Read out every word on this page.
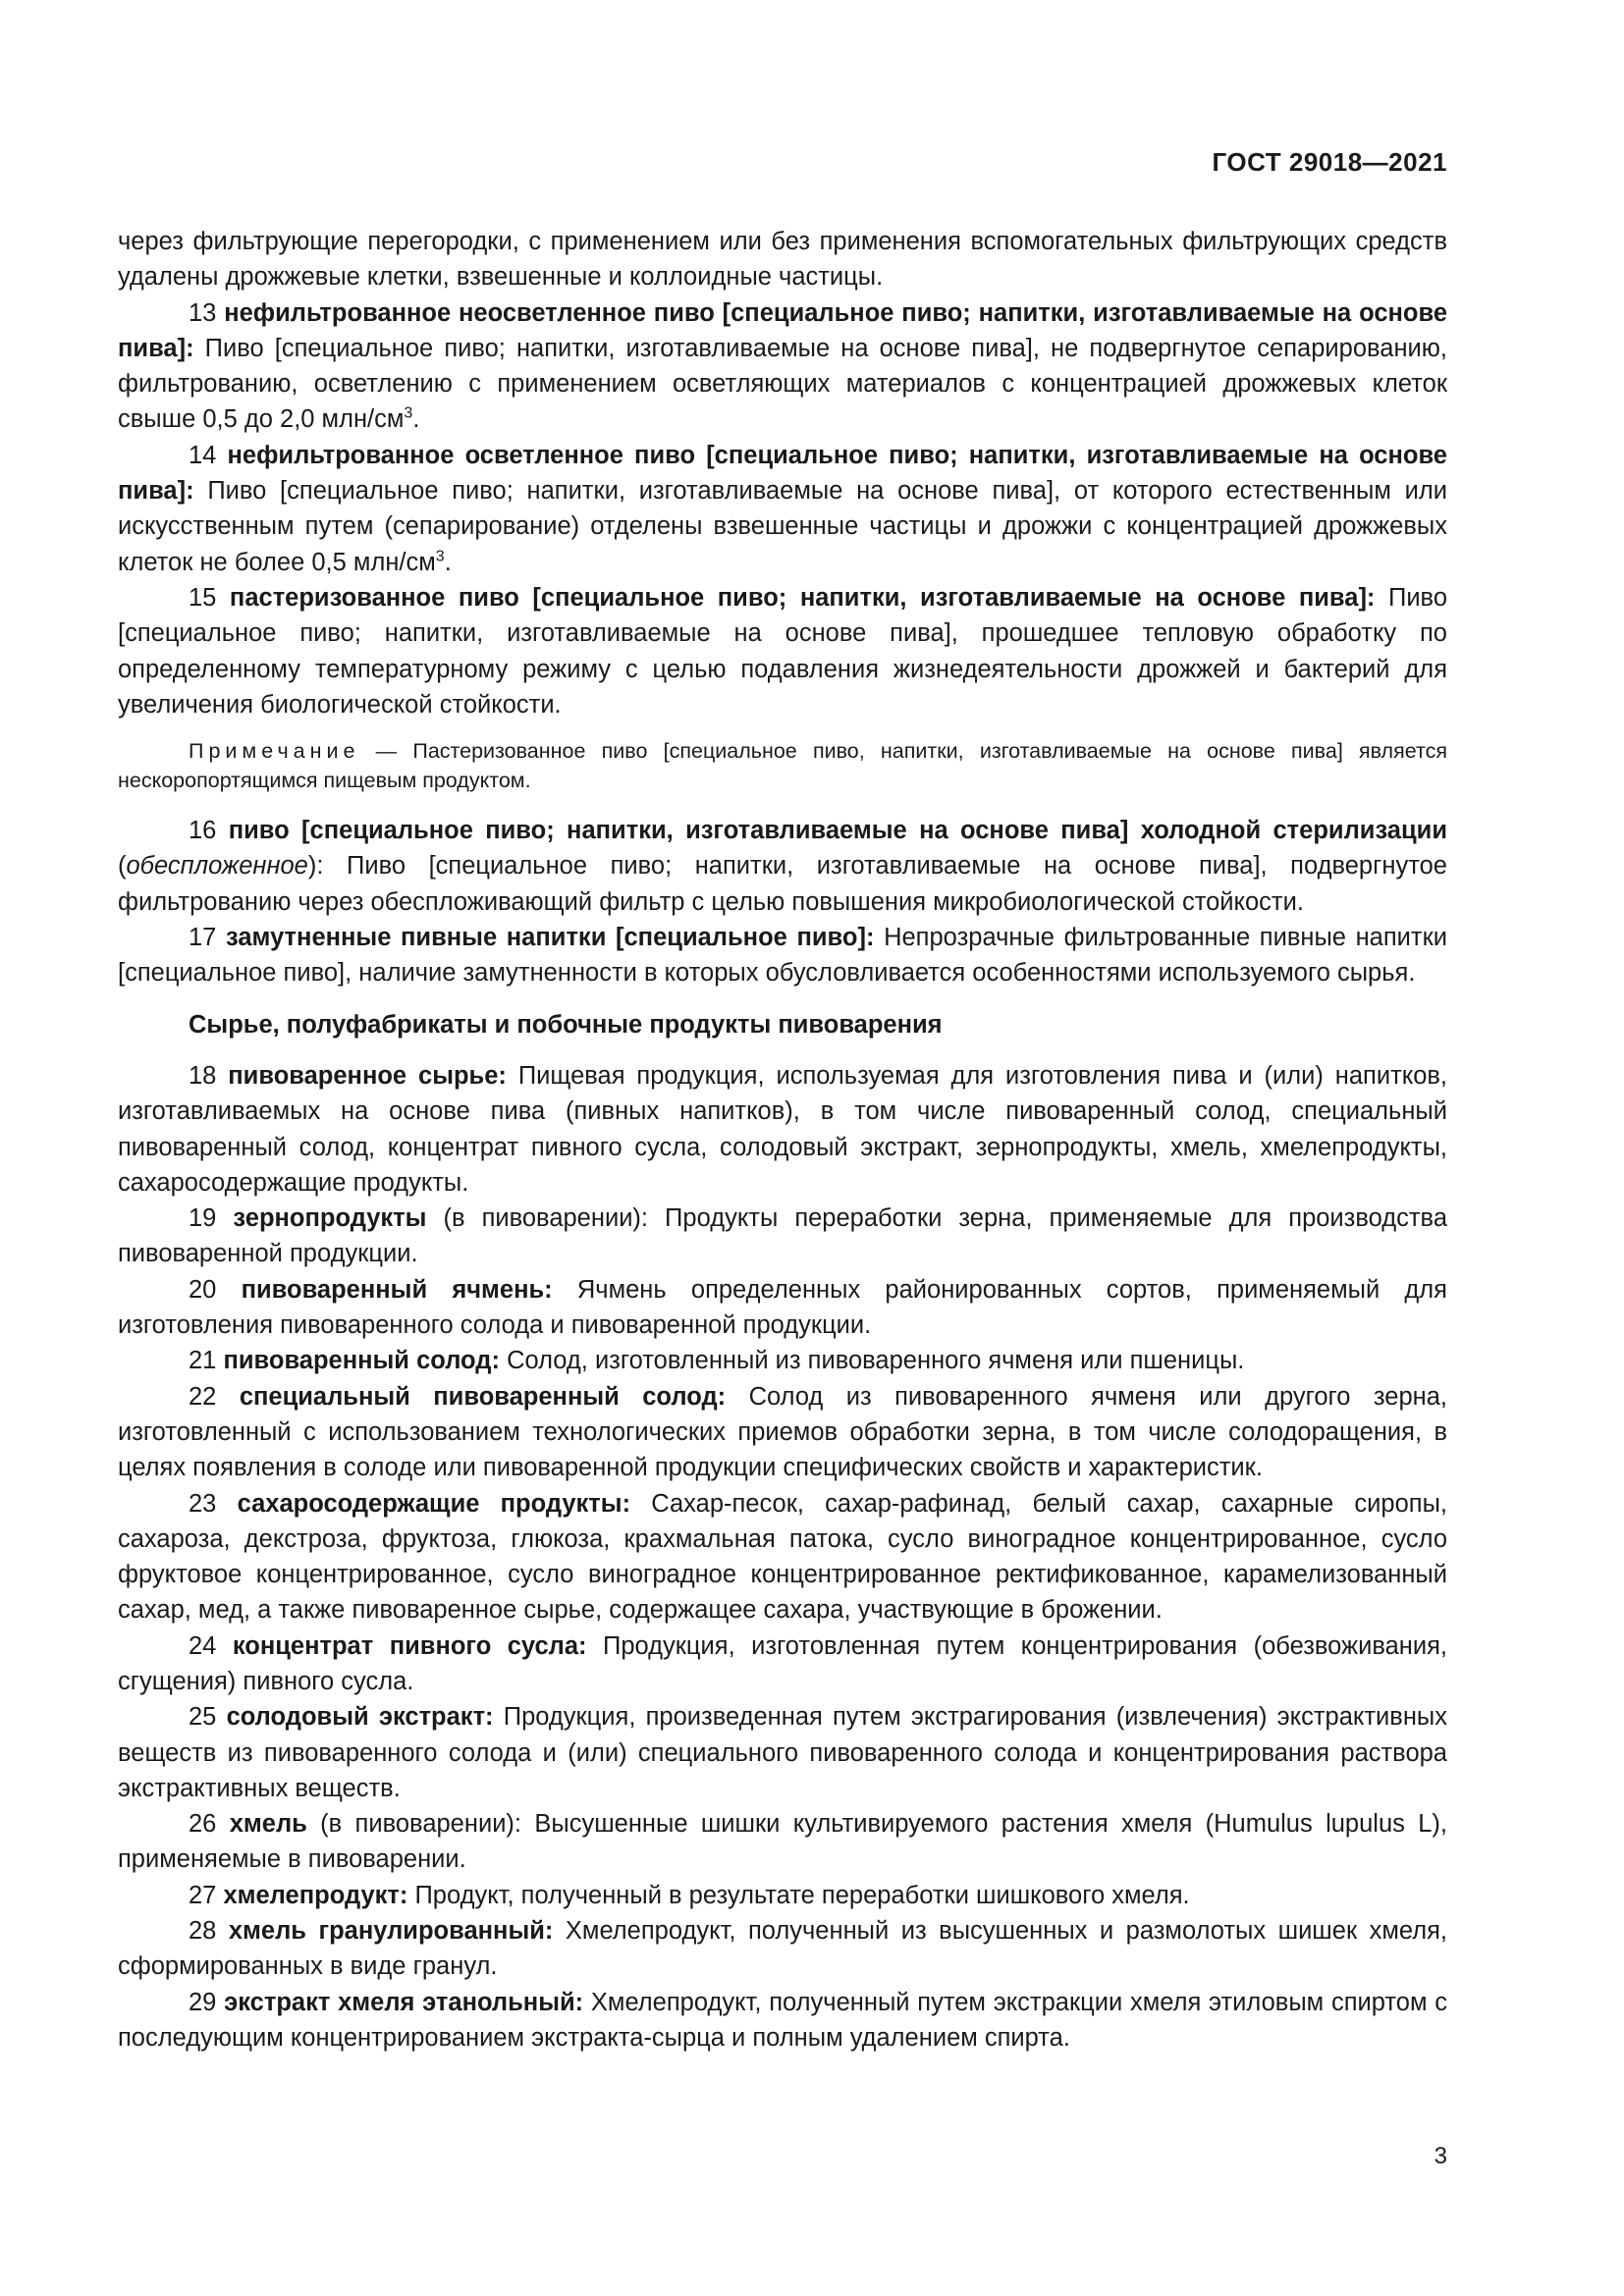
ГОСТ 29018—2021

через фильтрующие перегородки, с применением или без применения вспомогательных фильтрующих средств удалены дрожжевые клетки, взвешенные и коллоидные частицы.

13 нефильтрованное неосветленное пиво [специальное пиво; напитки, изготавливаемые на основе пива]: Пиво [специальное пиво; напитки, изготавливаемые на основе пива], не подвергнутое сепарированию, фильтрованию, осветлению с применением осветляющих материалов с концентрацией дрожжевых клеток свыше 0,5 до 2,0 млн/$см^3$.

14 нефильтрованное осветленное пиво [специальное пиво; напитки, изготавливаемые на основе пива]: Пиво [специальное пиво; напитки, изготавливаемые на основе пива], от которого естественным или искусственным путем (сепарирование) отделены взвешенные частицы и дрожжи с концентрацией дрожжевых клеток не более 0,5 млн/$см^3$.

15 пастеризованное пиво [специальное пиво; напитки, изготавливаемые на основе пива]: Пиво [специальное пиво; напитки, изготавливаемые на основе пива], прошедшее тепловую обработку по определенному температурному режиму с целью подавления жизнедеятельности дрожжей и бактерий для увеличения биологической стойкости.

Примечание — Пастеризованное пиво [специальное пиво, напитки, изготавливаемые на основе пива] является нескоропортящимся пищевым продуктом.

16 пиво [специальное пиво; напитки, изготавливаемые на основе пива] холодной стерилизации (обеспложенное): Пиво [специальное пиво; напитки, изготавливаемые на основе пива], подвергнутое фильтрованию через обеспложивающий фильтр с целью повышения микробиологической стойкости.

17 замутненные пивные напитки [специальное пиво]: Непрозрачные фильтрованные пивные напитки [специальное пиво], наличие замутненности в которых обусловливается особенностями используемого сырья.

Сырье, полуфабрикаты и побочные продукты пивоварения

18 пивоваренное сырье: Пищевая продукция, используемая для изготовления пива и (или) напитков, изготавливаемых на основе пива (пивных напитков), в том числе пивоваренный солод, специальный пивоваренный солод, концентрат пивного сусла, солодовый экстракт, зернопродукты, хмель, хмелепродукты, сахаросодержащие продукты.

19 зернопродукты (в пивоварении): Продукты переработки зерна, применяемые для производства пивоваренной продукции.

20 пивоваренный ячмень: Ячмень определенных районированных сортов, применяемый для изготовления пивоваренного солода и пивоваренной продукции.

21 пивоваренный солод: Солод, изготовленный из пивоваренного ячменя или пшеницы.

22 специальный пивоваренный солод: Солод из пивоваренного ячменя или другого зерна, изготовленный с использованием технологических приемов обработки зерна, в том числе солодоращения, в целях появления в солоде или пивоваренной продукции специфических свойств и характеристик.

23 сахаросодержащие продукты: Сахар-песок, сахар-рафинад, белый сахар, сахарные сиропы, сахароза, декстроза, фруктоза, глюкоза, крахмальная патока, сусло виноградное концентрированное, сусло фруктовое концентрированное, сусло виноградное концентрированное ректификованное, карамелизованный сахар, мед, а также пивоваренное сырье, содержащее сахара, участвующие в брожении.

24 концентрат пивного сусла: Продукция, изготовленная путем концентрирования (обезвоживания, сгущения) пивного сусла.

25 солодовый экстракт: Продукция, произведенная путем экстрагирования (извлечения) экстрактивных веществ из пивоваренного солода и (или) специального пивоваренного солода и концентрирования раствора экстрактивных веществ.

26 хмель (в пивоварении): Высушенные шишки культивируемого растения хмеля (Humulus lupulus L), применяемые в пивоварении.

27 хмелепродукт: Продукт, полученный в результате переработки шишкового хмеля.

28 хмель гранулированный: Хмелепродукт, полученный из высушенных и размолотых шишек хмеля, сформированных в виде гранул.

29 экстракт хмеля этанольный: Хмелепродукт, полученный путем экстракции хмеля этиловым спиртом с последующим концентрированием экстракта-сырца и полным удалением спирта.

3
